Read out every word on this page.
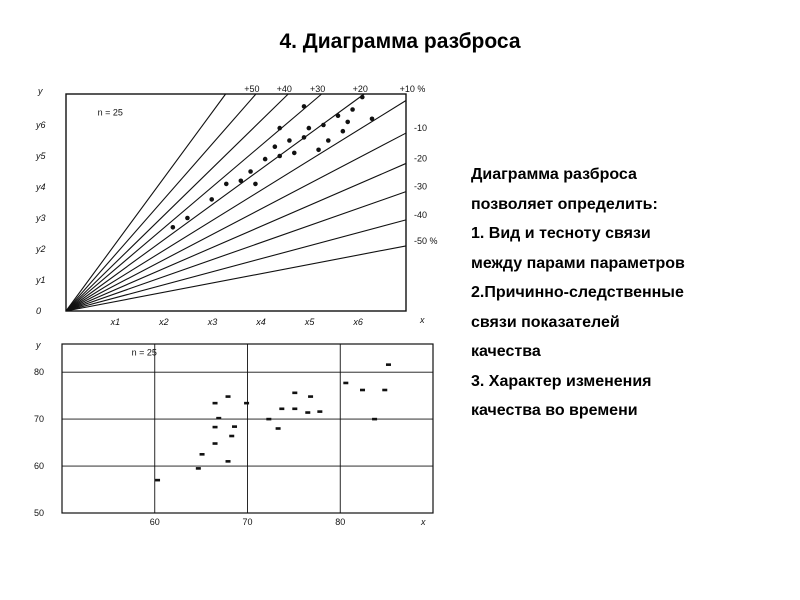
4. Диаграмма разброса
+50 +40 +30	+20	+10 %
-10
-20
-30
-40
-50 %
0
y1
y2
y3
y4
y5
y6
x1	x2	x3	x4	x5	x6
y
x
n = 25
60	70	80
50
60
70
80
y
x
n = 25
Диаграмма разброса
позволяет определить:
1. Вид и тесноту связи
между парами параметров
2.Причинно-следственные
связи показателей
качества
3. Характер изменения
качества во времени
